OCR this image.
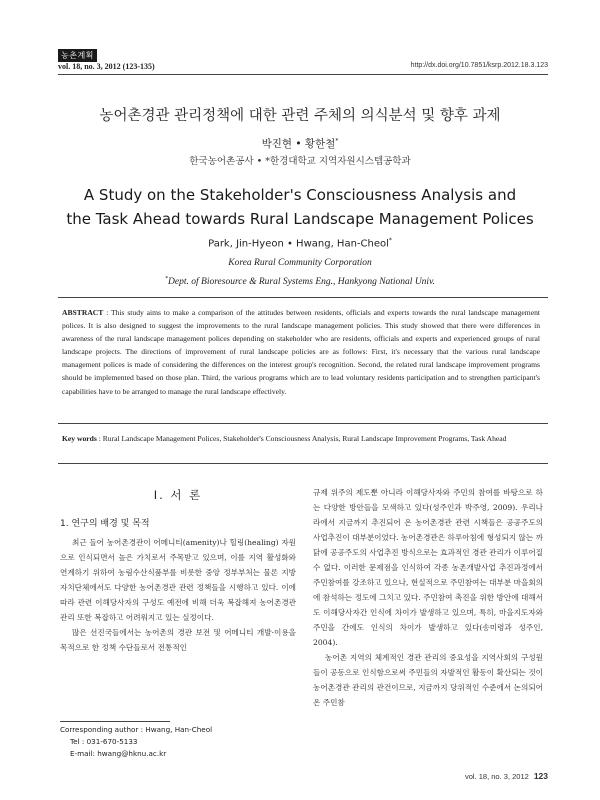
농촌계획
vol. 18, no. 3, 2012 (123-135)	http://dx.doi.org/10.7851/ksrp.2012.18.3.123
농어촌경관 관리정책에 대한 관련 주체의 의식분석 및 향후 과제
박진현 • 황한철*
한국농어촌공사 • *한경대학교 지역자원시스템공학과
A Study on the Stakeholder's Consciousness Analysis and
the Task Ahead towards Rural Landscape Management Polices
Park, Jin-Hyeon • Hwang, Han-Cheol*
Korea Rural Community Corporation
*Dept. of Bioresource & Rural Systems Eng., Hankyong National Univ.
ABSTRACT : This study aims to make a comparison of the attitudes between residents, officials and experts towards the rural landscape management polices. It is also designed to suggest the improvements to the rural landscape management policies. This study showed that there were differences in awareness of the rural landscape management polices depending on stakeholder who are residents, officials and experts and experienced groups of rural landscape projects. The directions of improvement of rural landscape policies are as follows: First, it's necessary that the various rural landscape management polices is made of considering the differences on the interest group's recognition. Second, the related rural landscape improvement programs should be implemented based on those plan. Third, the various programs which are to lead voluntary residents participation and to strengthen participant's capabilities have to be arranged to manage the rural landscape effectively.
Key words : Rural Landscape Management Polices, Stakeholder's Consciousness Analysis, Rural Landscape Improvement Programs, Task Ahead
Ⅰ. 서 론
1. 연구의 배경 및 목적

최근 들어 농어촌경관이 어메니티(amenity)나 힐링(healing) 자원으로 인식되면서 높은 가치로서 주목받고 있으며, 이를 지역 활성화와 연계하기 위하여 농림수산식품부를 비롯한 중앙 정부부처는 물론 지방자치단체에서도 다양한 농어촌경관 관련 정책들을 시행하고 있다. 이에 따라 관련 이해당사자의 구성도 예전에 비해 더욱 복잡해져 농어촌경관 관리 또한 복잡하고 어려워지고 있는 실정이다.

많은 선진국들에서는 농어촌의 경관 보전 및 어메니티 개발·이용을 목적으로 한 정책 수단들로서 전통적인

규제 위주의 제도뿐 아니라 이해당사자와 주민의 참여를 바탕으로 하는 다양한 방안들을 모색하고 있다(성주인과 박주영, 2009). 우리나라에서 지금까지 추진되어 온 농어촌경관 관련 시책들은 공공주도의 사업추진이 대부분이었다. 농어촌경관은 하루아침에 형성되지 않는 까닭에 공공주도의 사업추진 방식으로는 효과적인 경관 관리가 이루어질 수 없다. 이러한 문제점을 인식하여 각종 농촌개발사업 추진과정에서 주민참여를 강조하고 있으나, 현실적으로 주민참여는 대부분 마을회의에 참석하는 정도에 그치고 있다. 주민참여 촉진을 위한 방안에 대해서도 이해당사자간 인식에 차이가 발생하고 있으며, 특히, 마을지도자와 주민을 간에도 인식의 차이가 발생하고 있다(송미령과 성주인, 2004).

농어촌 지역의 체계적인 경관 관리의 중요성을 지역사회의 구성원들이 공동으로 인식함으로써 주민들의 자발적인 활동이 확산되는 것이 농어촌경관 관리의 관건이므로, 지금까지 당위적인 수준에서 논의되어 온 주민참

Corresponding author : Hwang, Han-Cheol
Tel : 031-670-5133
E-mail: hwang@hknu.ac.kr
vol. 18, no. 3, 2012 123
